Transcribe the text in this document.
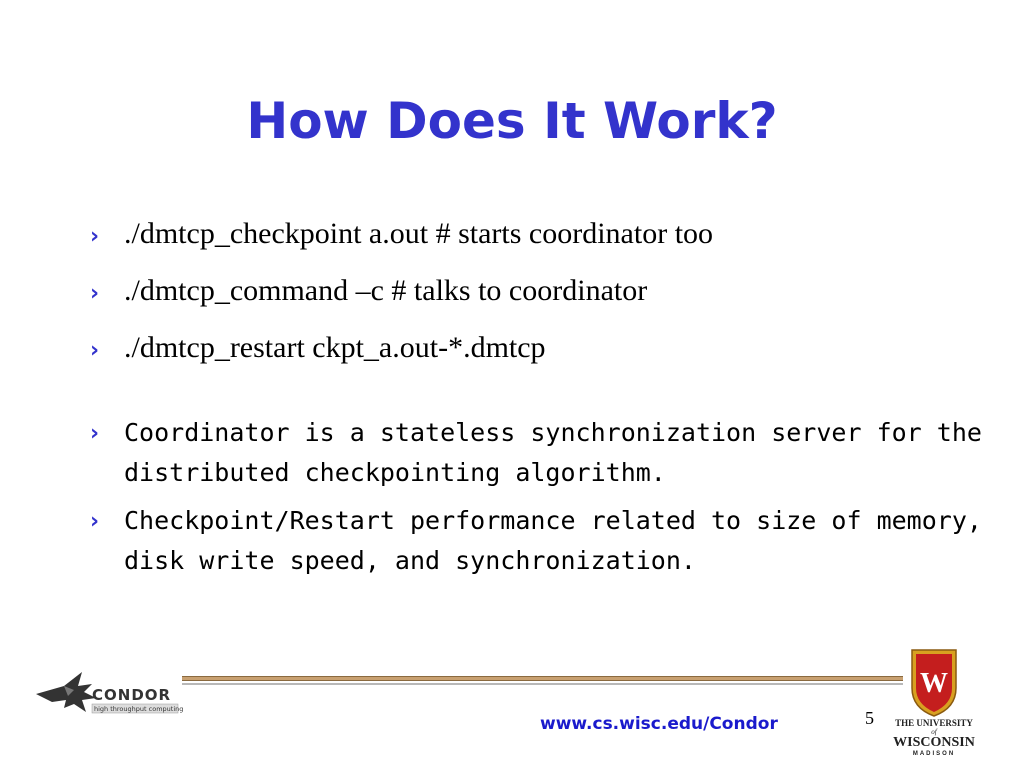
How Does It Work?
› ./dmtcp_checkpoint a.out # starts coordinator too
› ./dmtcp_command –c # talks to coordinator
› ./dmtcp_restart ckpt_a.out-*.dmtcp
› Coordinator is a stateless synchronization server for the distributed checkpointing algorithm.
› Checkpoint/Restart performance related to size of memory, disk write speed, and synchronization.
CONDOR
high throughput computing
www.cs.wisc.edu/Condor	5
W
THE UNIVERSITY
of
WISCONSIN
MADISON
